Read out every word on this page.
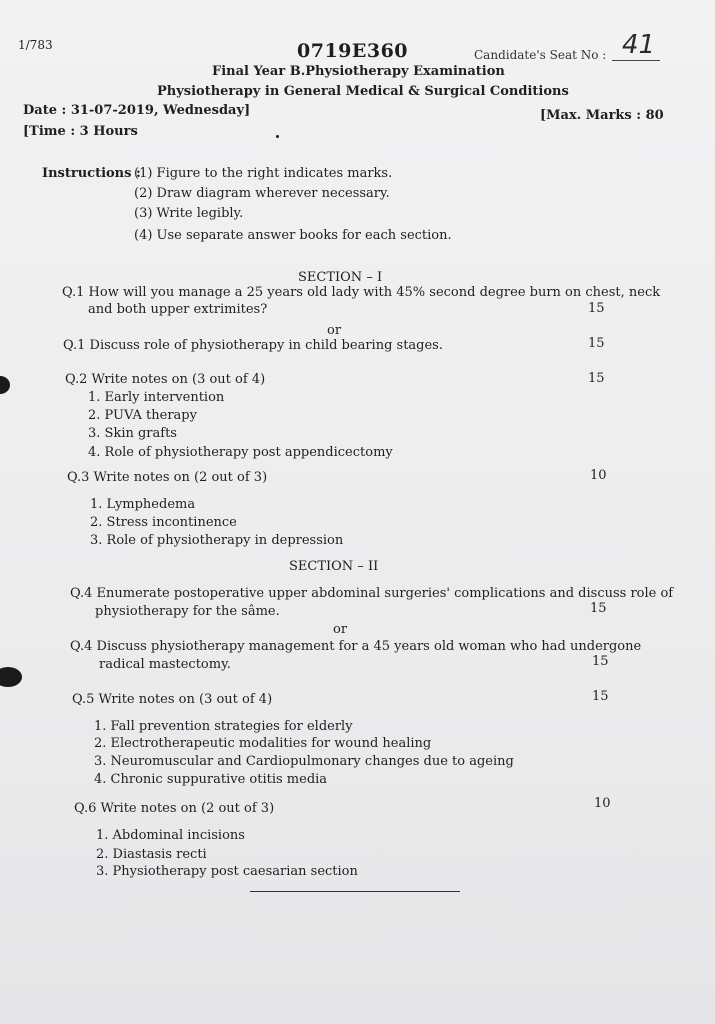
1/783	0719E360	Candidate's Seat No : 41
Final Year B.Physiotherapy Examination
Physiotherapy in General Medical & Surgical Conditions
Date : 31-07-2019, Wednesday]
[Time : 3 Hours
[Max. Marks : 80
Instructions :
(1) Figure to the right indicates marks.
(2) Draw diagram wherever necessary.
(3) Write legibly.
(4) Use separate answer books for each section.
SECTION – I
Q.1 How will you manage a 25 years old lady with 45% second degree burn on chest, neck
and both upper extrimites?	15
or
Q.1 Discuss role of physiotherapy in child bearing stages.	15
Q.2 Write notes on (3 out of 4)	15
1. Early intervention
2. PUVA therapy
3. Skin grafts
4. Role of physiotherapy post appendicectomy
Q.3 Write notes on (2 out of 3)	10
1. Lymphedema
2. Stress incontinence
3. Role of physiotherapy in depression
SECTION – II
Q.4 Enumerate postoperative upper abdominal surgeries' complications and discuss role of
physiotherapy for the sâme.	15
or
Q.4 Discuss physiotherapy management for a 45 years old woman who had undergone
radical mastectomy.	15
Q.5 Write notes on (3 out of 4)	15
1. Fall prevention strategies for elderly
2. Electrotherapeutic modalities for wound healing
3. Neuromuscular and Cardiopulmonary changes due to ageing
4. Chronic suppurative otitis media
Q.6 Write notes on (2 out of 3)	10
1. Abdominal incisions
2. Diastasis recti
3. Physiotherapy post caesarian section
